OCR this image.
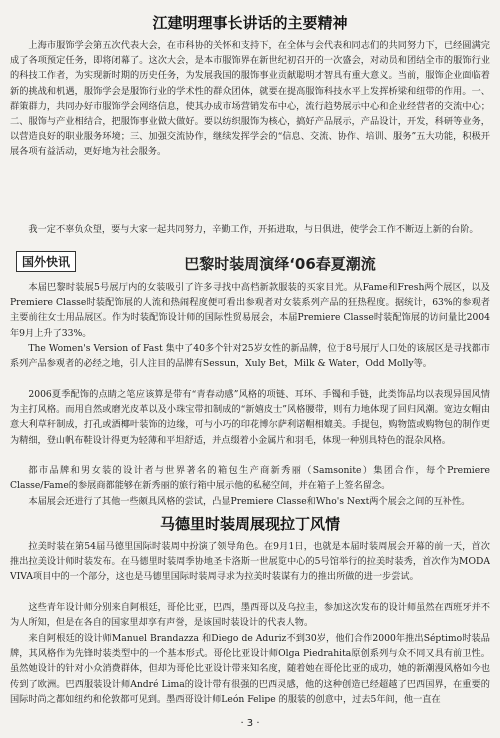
江建明理事长讲话的主要精神

上海市服饰学会第五次代表大会，在市科协的关怀和支持下，在全体与会代表和同志们的共同努力下，已经圆满完成了各项预定任务，即将闭幕了。这次大会，是本市服饰界在新世纪初召开的一次盛会，对动员和团结全市的服饰行业的科技工作者，为实现新时期的历史任务，为发展我国的服饰事业贡献聪明才智具有重大意义。当前，服饰企业面临着新的挑战和机遇，服饰学会是服饰行业的学术性的群众团体，就要在提高服饰科技水平上发挥桥梁和纽带的作用。一、群策群力，共同办好市服饰学会网络信息，使其办成市场营销发布中心，流行趋势展示中心和企业经营者的交流中心；二、服饰与产业相结合，把服饰事业做大做好。要以纺织服饰为核心，搞好产品展示，产品设计，开发，科研等业务，以营造良好的职业服务环境；三、加强交流协作，继续发挥学会的“信息、交流、协作、培训、服务”五大功能，积极开展各项有益活动，更好地为社会服务。

我一定不辜负众望，要与大家一起共同努力，辛勤工作，开拓进取，与日俱进，使学会工作不断迈上新的台阶。

国外快讯	巴黎时装周演绎‘06春夏潮流

本届巴黎时装展5号展厅内的女装吸引了许多寻找中高档新款服装的买家目光。从Fame和Fresh两个展区，以及Premiere Classe时装配饰展的人流和热闹程度便可看出参观者对女装系列产品的狂热程度。据统计，63%的参观者主要前往女士用品展区。作为时装配饰设计师的国际性贸易展会，本届Premiere Classe时装配饰展的访问量比2004年9月上升了33%。

The Women's Version of Fast 集中了40多个针对25岁女性的新品牌，位于8号展厅人口处的该展区是寻找都市系列产品参观者的必经之地，引人注目的品牌有Sessun，Xuly Bet，Milk & Water，Odd Molly等。

2006夏季配饰的点睛之笔应该算是带有“青春动感”风格的项链、耳环、手镯和手链，此类饰品均以表现异国风情为主打风格。而用自然或磨光皮革以及小珠宝带扣制成的“新嬉皮士”风格腰带，则有力地体现了回归风潮。宽边女帽由意大利草秆制成，打孔或酒椰叶装饰的边缘，可与小巧的印花博尔萨利诺帽相媲美。手提包，购物篮或购物包的制作更为精细，登山帆布鞋设计得更为轻薄和平坦舒适，并点缀着小金属片和羽毛，体现一种别具特色的混杂风格。

都市品牌和男女装的设计者与世界著名的箱包生产商新秀丽（Samsonite）集团合作，每个Premiere Classe/Fame的参展商都能够在新秀丽的旅行箱中展示他的私秘空间，并在箱子上签名留念。

本届展会还进行了其他一些颇具风格的尝试，凸显Premiere Classe和Who's Next两个展会之间的互补性。

马德里时装周展现拉丁风情

拉美时装在第54届马德里国际时装周中扮演了领导角色。在9月1日，也就是本届时装周展会开幕的前一天，首次推出拉美设计师时装发布。在马德里时装周季协地圣卡洛斯一世展览中心的5号馆举行的拉美时装秀，首次作为MODA VIVA项目中的一个部分，这也是马德里国际时装周寻求为拉美时装谋有力的推出所做的进一步尝试。

这些青年设计师分别来自阿根廷，哥伦比亚，巴西，墨西哥以及乌拉圭，参加这次发布的设计师虽然在西班牙并不为人所知，但是在各自的国家里却享有声誉，是该国时装设计的代表人物。

来自阿根廷的设计师Manuel Brandazza 和Diego de Aduriz不到30岁，他们合作2000年推出Séptimo时装品牌，其风格作为先锋时装类型中的一个基本形式。哥伦比亚设计师Olga Piedrahita原创系列与众不同又具有前卫性。虽然她设计的针对小众消费群体，但却为哥伦比亚设计带来知名度，随着她在哥伦比亚的成功，她的新潮漫风格如今也传到了欧洲。巴西服装设计师André Lima的设计带有很强的巴西灵感，他的这种创造已经超越了巴西国界，在重要的国际时尚之都如纽约和伦敦都可见到。墨西哥设计师León Felipe 的服装的创意中，过去5年间，他一直在

· 3 ·
